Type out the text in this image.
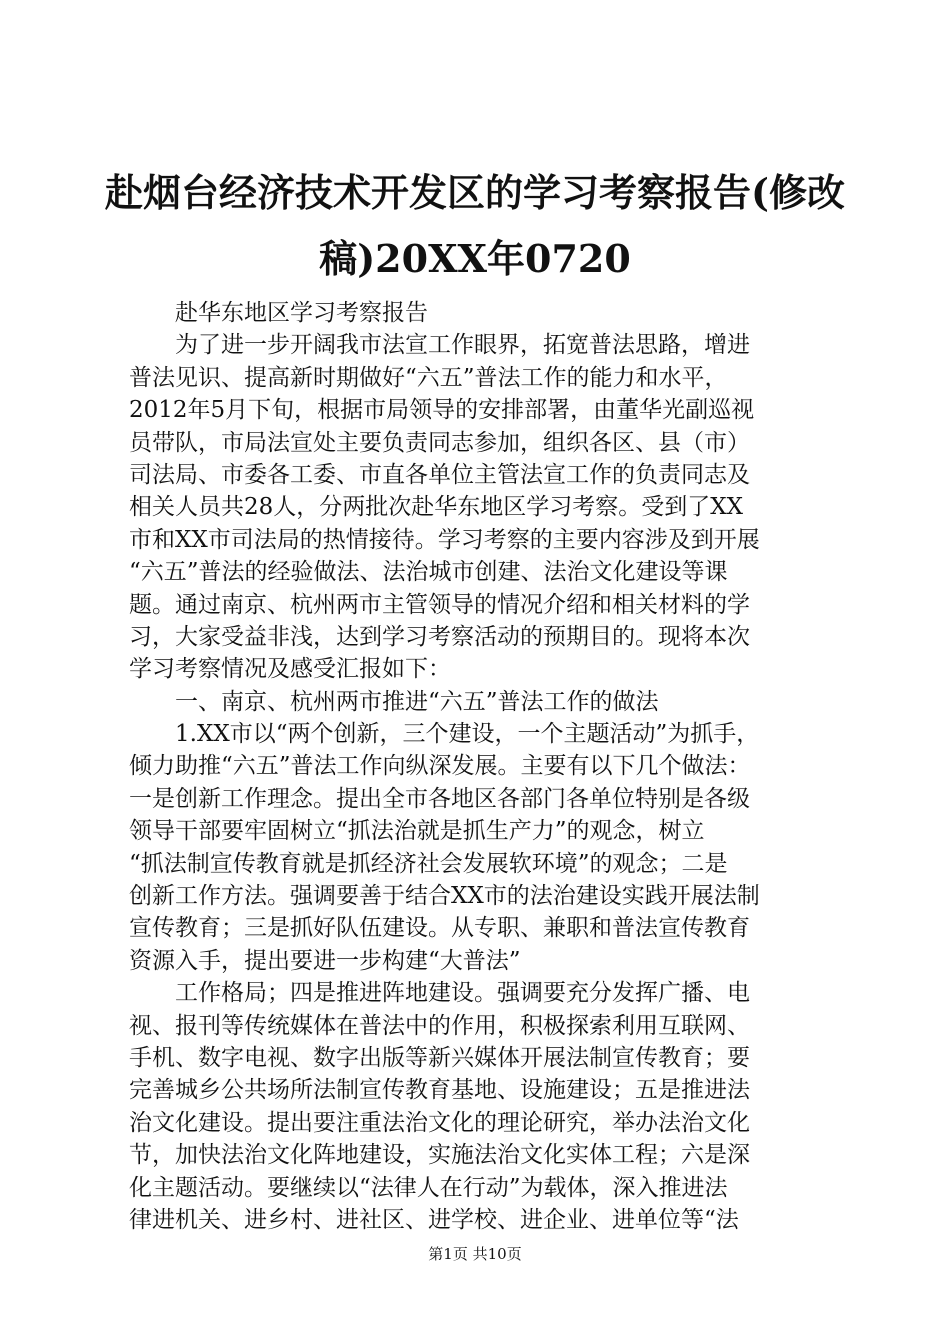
赴烟台经济技术开发区的学习考察报告(修改
稿)20XX年0720
赴华东地区学习考察报告
为了进一步开阔我市法宣工作眼界，拓宽普法思路，增进
普法见识、提高新时期做好“六五”普法工作的能力和水平，
2012年5月下旬，根据市局领导的安排部署，由董华光副巡视
员带队，市局法宣处主要负责同志参加，组织各区、县（市）
司法局、市委各工委、市直各单位主管法宣工作的负责同志及
相关人员共28人，分两批次赴华东地区学习考察。受到了XX
市和XX市司法局的热情接待。学习考察的主要内容涉及到开展
“六五”普法的经验做法、法治城市创建、法治文化建设等课
题。通过南京、杭州两市主管领导的情况介绍和相关材料的学
习，大家受益非浅，达到学习考察活动的预期目的。现将本次
学习考察情况及感受汇报如下：
一、南京、杭州两市推进“六五”普法工作的做法
1.XX市以“两个创新，三个建设，一个主题活动”为抓手，
倾力助推“六五”普法工作向纵深发展。主要有以下几个做法：
一是创新工作理念。提出全市各地区各部门各单位特别是各级
领导干部要牢固树立“抓法治就是抓生产力”的观念，树立
“抓法制宣传教育就是抓经济社会发展软环境”的观念；二是
创新工作方法。强调要善于结合XX市的法治建设实践开展法制
宣传教育；三是抓好队伍建设。从专职、兼职和普法宣传教育
资源入手，提出要进一步构建“大普法”
工作格局；四是推进阵地建设。强调要充分发挥广播、电
视、报刊等传统媒体在普法中的作用，积极探索利用互联网、
手机、数字电视、数字出版等新兴媒体开展法制宣传教育；要
完善城乡公共场所法制宣传教育基地、设施建设；五是推进法
治文化建设。提出要注重法治文化的理论研究，举办法治文化
节，加快法治文化阵地建设，实施法治文化实体工程；六是深
化主题活动。要继续以“法律人在行动”为载体，深入推进法
律进机关、进乡村、进社区、进学校、进企业、进单位等“法
第1页 共10页
